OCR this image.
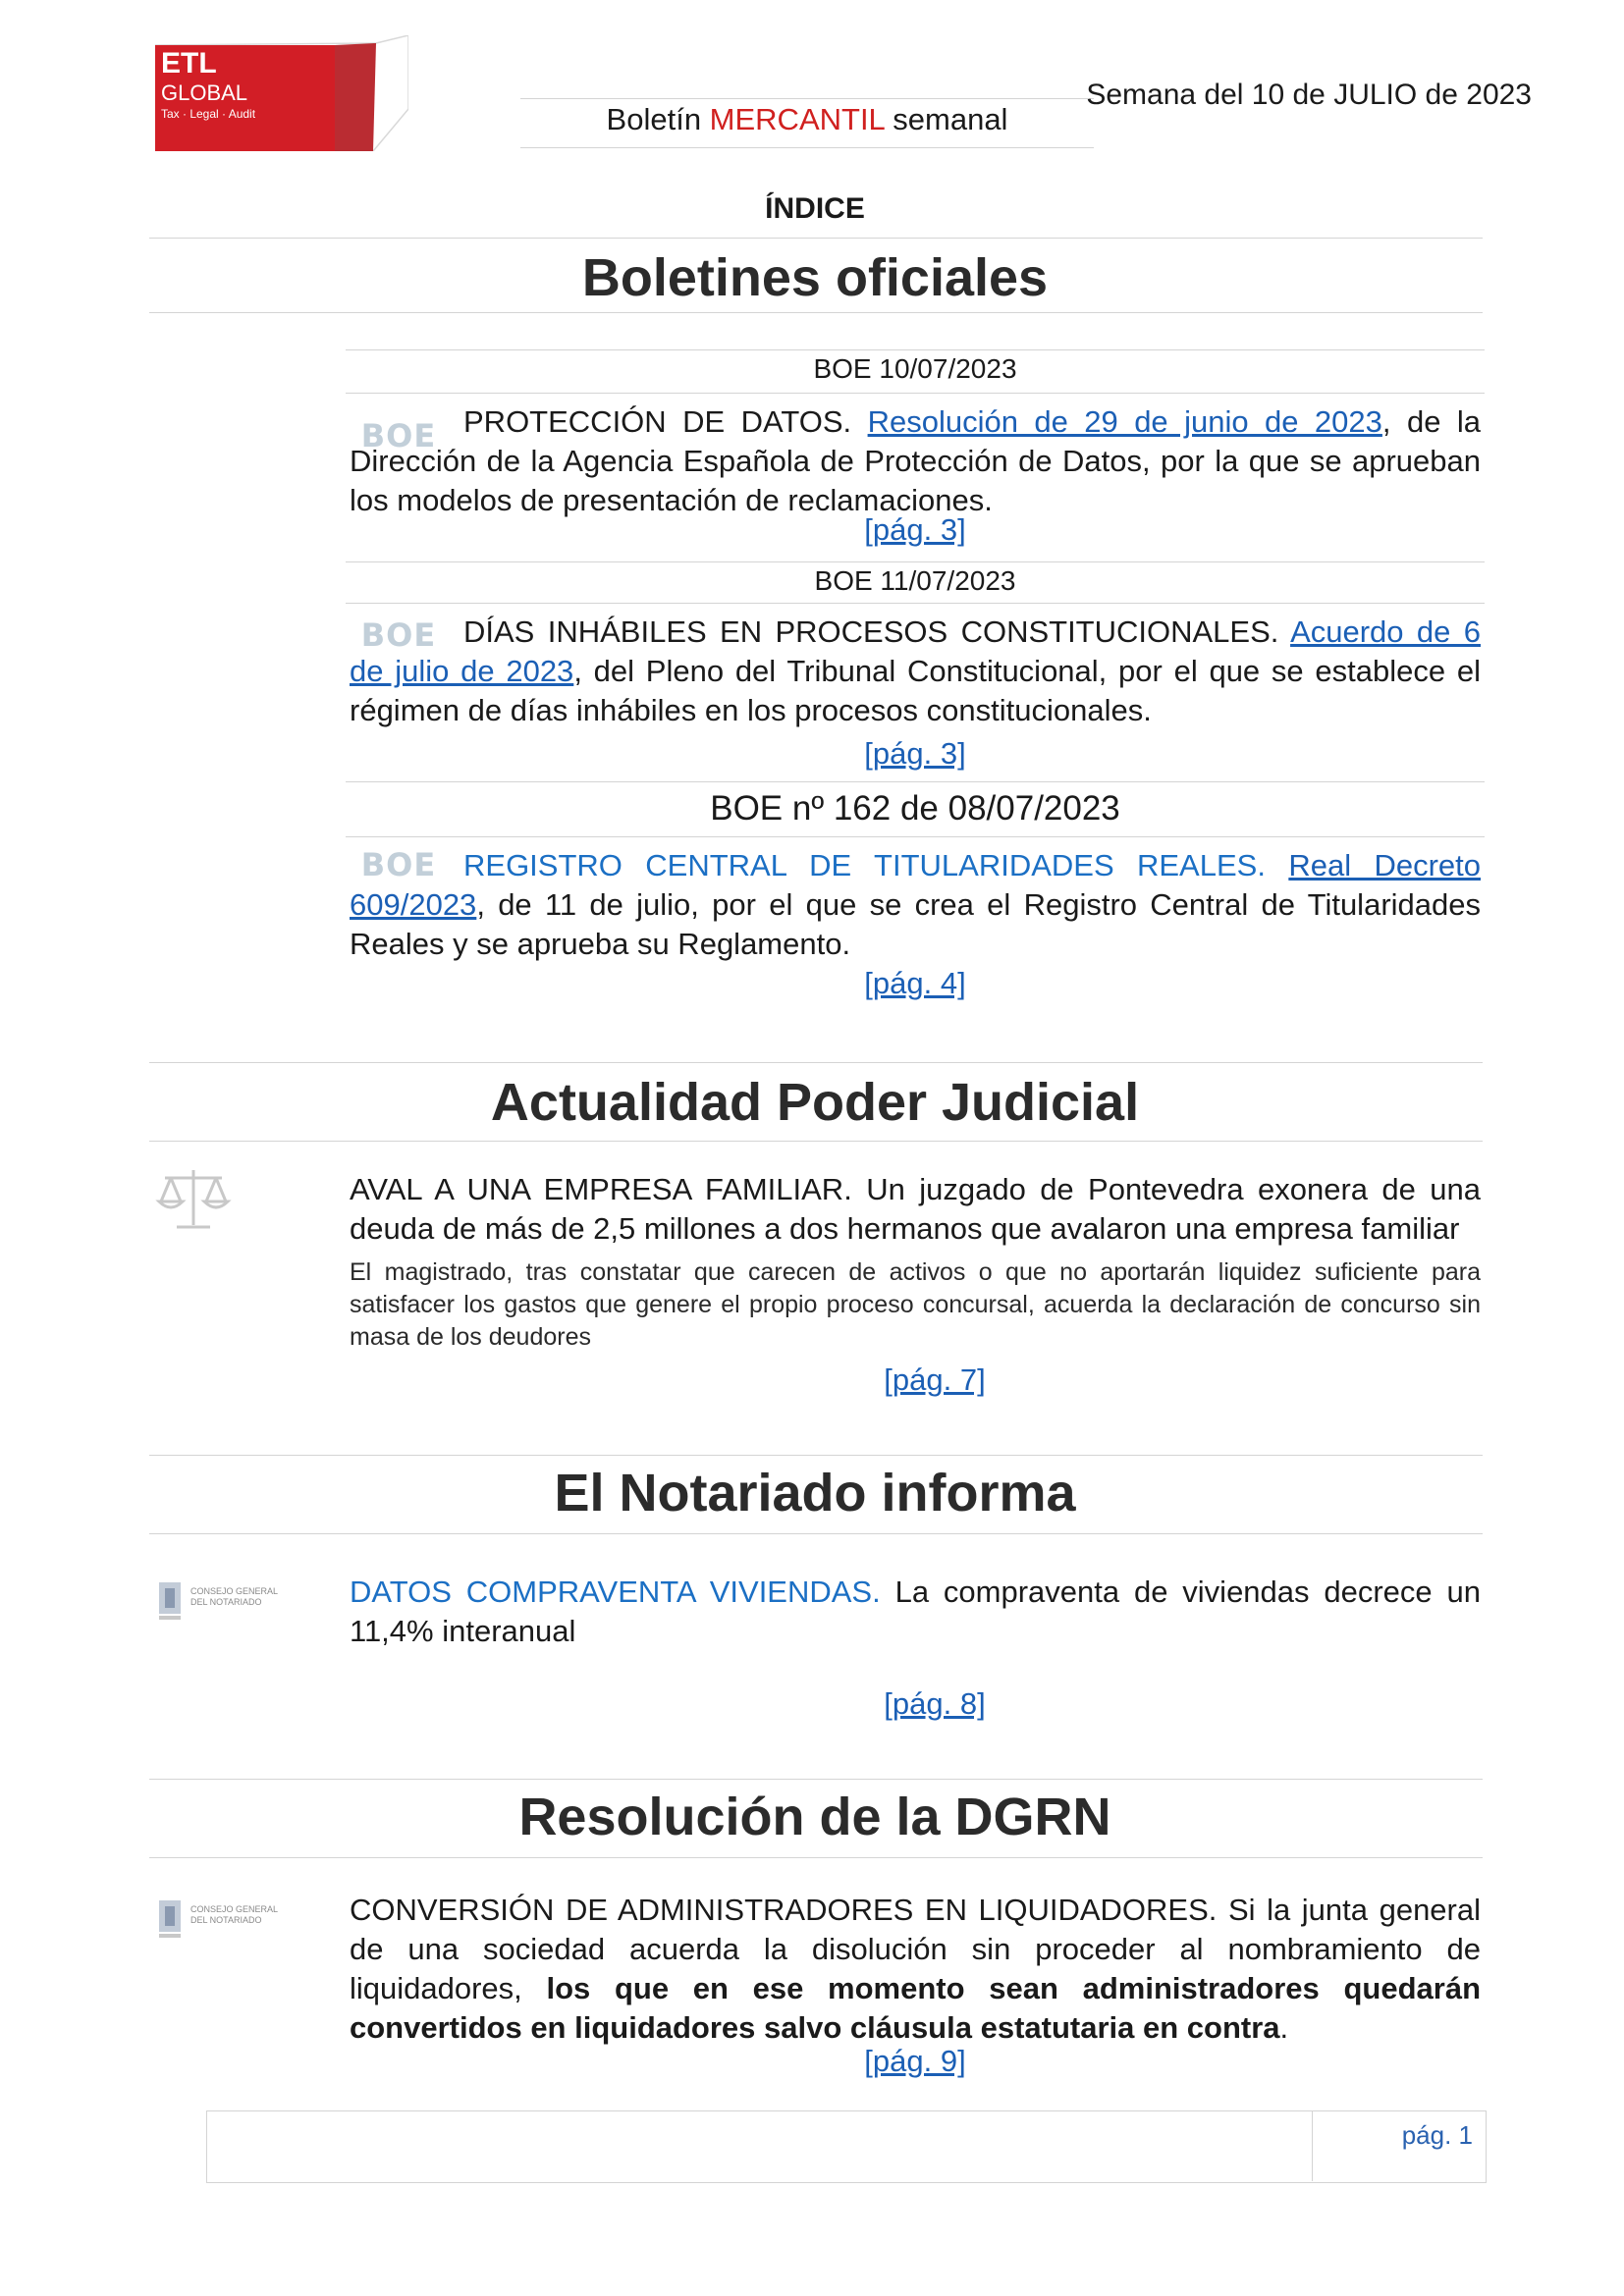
ETL
GLOBAL
Tax · Legal · Audit	Boletín MERCANTIL semanal
Semana del 10 de JULIO de 2023
ÍNDICE
Boletines oficiales
BOE 10/07/2023
BOE PROTECCIÓN DE DATOS. Resolución de 29 de junio de 2023, de la Dirección de la Agencia Española de Protección de Datos, por la que se aprueban los modelos de presentación de reclamaciones.
[pág. 3]
BOE 11/07/2023
BOE DÍAS INHÁBILES EN PROCESOS CONSTITUCIONALES. Acuerdo de 6 de julio de 2023, del Pleno del Tribunal Constitucional, por el que se establece el régimen de días inhábiles en los procesos constitucionales.
[pág. 3]
BOE nº 162 de 08/07/2023
BOE REGISTRO CENTRAL DE TITULARIDADES REALES. Real Decreto 609/2023, de 11 de julio, por el que se crea el Registro Central de Titularidades Reales y se aprueba su Reglamento.
[pág. 4]
Actualidad Poder Judicial
AVAL A UNA EMPRESA FAMILIAR. Un juzgado de Pontevedra exonera de una deuda de más de 2,5 millones a dos hermanos que avalaron una empresa familiar
El magistrado, tras constatar que carecen de activos o que no aportarán liquidez suficiente para satisfacer los gastos que genere el propio proceso concursal, acuerda la declaración de concurso sin masa de los deudores
[pág. 7]
El Notariado informa
CONSEJO GENERAL DEL NOTARIADO	DATOS COMPRAVENTA VIVIENDAS. La compraventa de viviendas decrece un 11,4% interanual
[pág. 8]
Resolución de la DGRN
CONSEJO GENERAL DEL NOTARIADO	CONVERSIÓN DE ADMINISTRADORES EN LIQUIDADORES. Si la junta general de una sociedad acuerda la disolución sin proceder al nombramiento de liquidadores, los que en ese momento sean administradores quedarán convertidos en liquidadores salvo cláusula estatutaria en contra.
[pág. 9]
pág. 1
